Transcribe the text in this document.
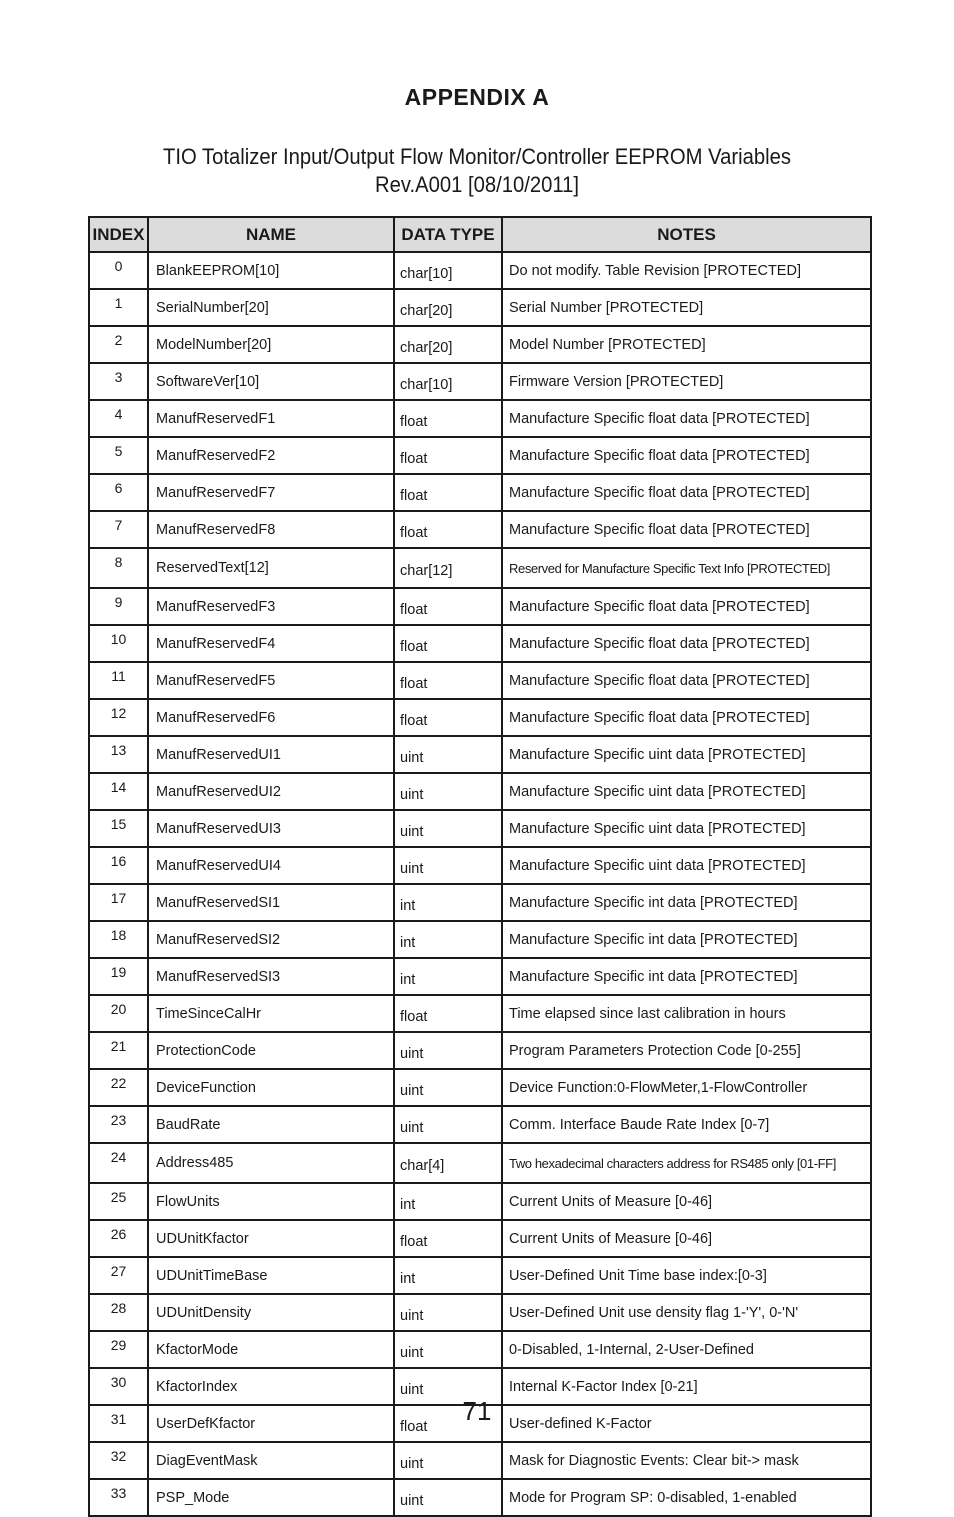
APPENDIX A
TIO Totalizer Input/Output Flow Monitor/Controller EEPROM Variables
Rev.A001 [08/10/2011]
INDEX	NAME	DATA TYPE	NOTES
0	BlankEEPROM[10]	char[10]	Do not modify. Table Revision [PROTECTED]
1	SerialNumber[20]	char[20]	Serial Number [PROTECTED]
2	ModelNumber[20]	char[20]	Model Number [PROTECTED]
3	SoftwareVer[10]	char[10]	Firmware Version [PROTECTED]
4	ManufReservedF1	float	Manufacture Specific float data [PROTECTED]
5	ManufReservedF2	float	Manufacture Specific float data [PROTECTED]
6	ManufReservedF7	float	Manufacture Specific float data [PROTECTED]
7	ManufReservedF8	float	Manufacture Specific float data [PROTECTED]
8	ReservedText[12]	char[12]	Reserved for Manufacture Specific Text Info [PROTECTED]
9	ManufReservedF3	float	Manufacture Specific float data [PROTECTED]
10	ManufReservedF4	float	Manufacture Specific float data [PROTECTED]
11	ManufReservedF5	float	Manufacture Specific float data [PROTECTED]
12	ManufReservedF6	float	Manufacture Specific float data [PROTECTED]
13	ManufReservedUI1	uint	Manufacture Specific uint data [PROTECTED]
14	ManufReservedUI2	uint	Manufacture Specific uint data [PROTECTED]
15	ManufReservedUI3	uint	Manufacture Specific uint data [PROTECTED]
16	ManufReservedUI4	uint	Manufacture Specific uint data [PROTECTED]
17	ManufReservedSI1	int	Manufacture Specific int data [PROTECTED]
18	ManufReservedSI2	int	Manufacture Specific int data [PROTECTED]
19	ManufReservedSI3	int	Manufacture Specific int data [PROTECTED]
20	TimeSinceCalHr	float	Time elapsed since last calibration in hours
21	ProtectionCode	uint	Program Parameters Protection Code [0-255]
22	DeviceFunction	uint	Device Function:0-FlowMeter,1-FlowController
23	BaudRate	uint	Comm. Interface Baude Rate Index [0-7]
24	Address485	char[4]	Two hexadecimal characters address for RS485 only [01-FF]
25	FlowUnits	int	Current Units of Measure [0-46]
26	UDUnitKfactor	float	Current Units of Measure [0-46]
27	UDUnitTimeBase	int	User-Defined Unit Time base index:[0-3]
28	UDUnitDensity	uint	User-Defined Unit use density flag 1-'Y', 0-'N'
29	KfactorMode	uint	0-Disabled, 1-Internal, 2-User-Defined
30	KfactorIndex	uint	Internal K-Factor Index [0-21]
31	UserDefKfactor	float	User-defined K-Factor
32	DiagEventMask	uint	Mask for Diagnostic Events: Clear bit-> mask
33	PSP_Mode	uint	Mode for Program SP: 0-disabled, 1-enabled
71
